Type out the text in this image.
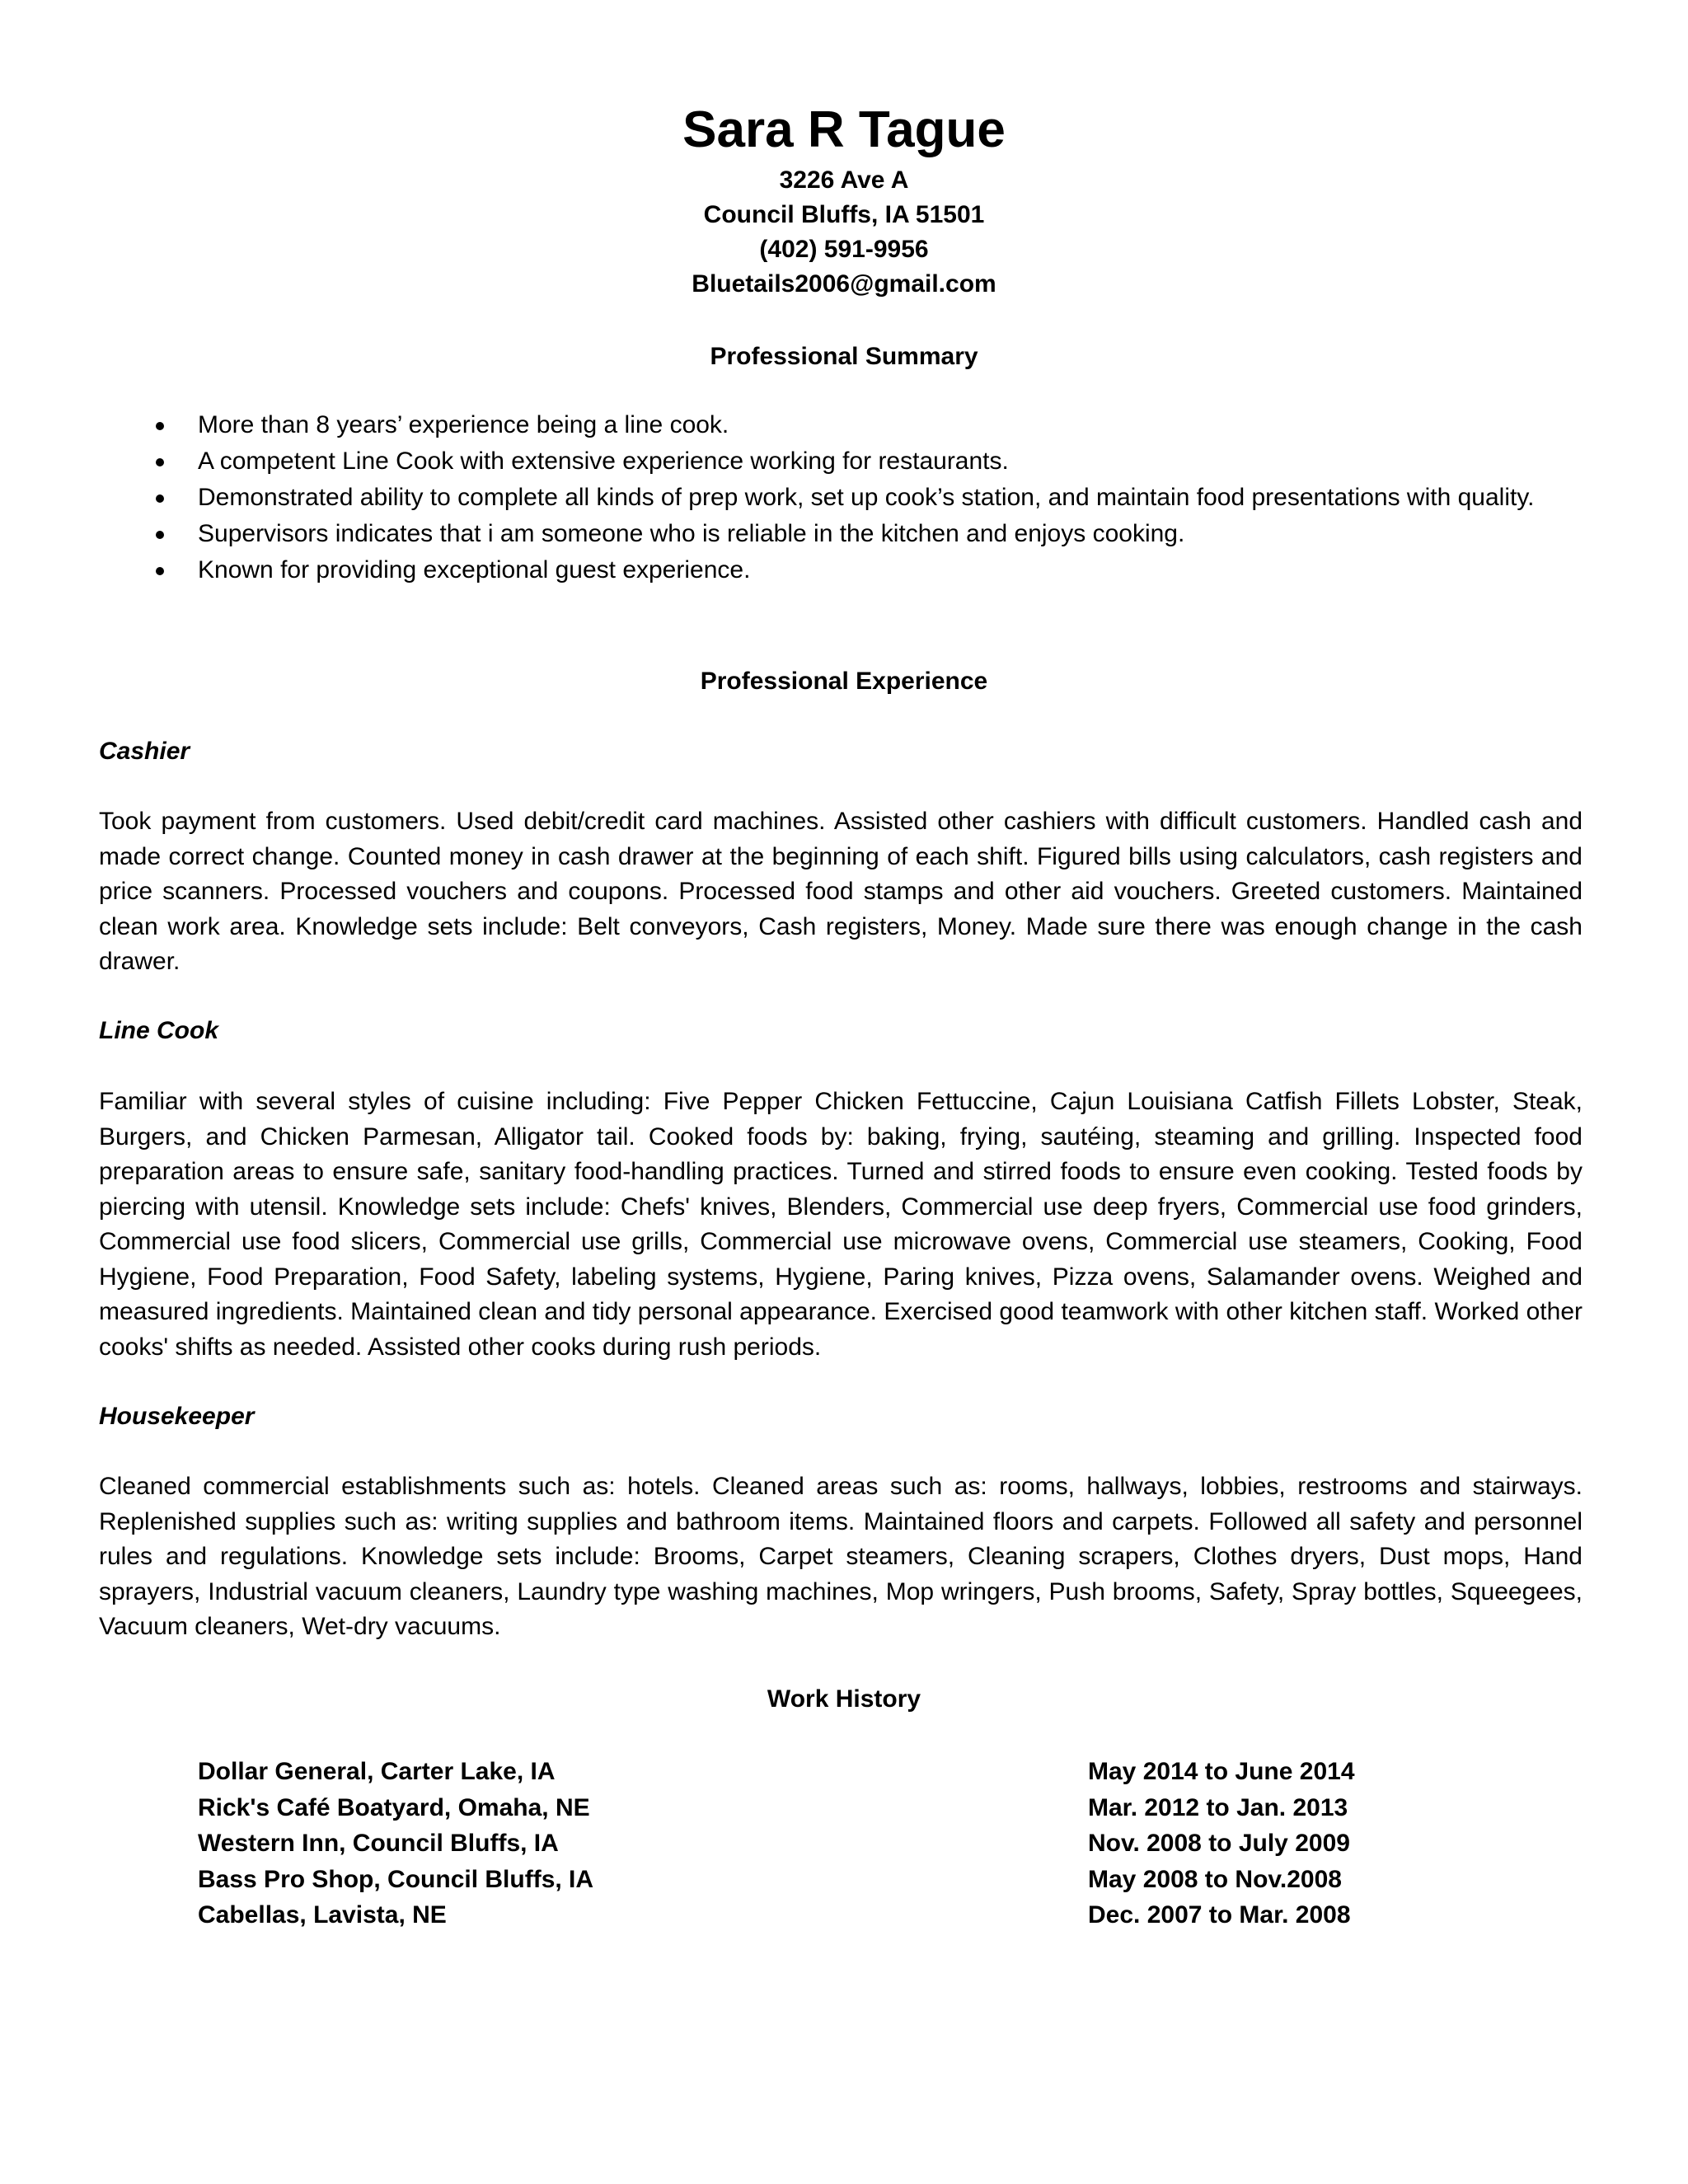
Sara R Tague
3226 Ave A
Council Bluffs, IA 51501
(402) 591-9956
Bluetails2006@gmail.com
Professional Summary
More than 8 years’ experience being a line cook.
A competent Line Cook with extensive experience working for restaurants.
Demonstrated ability to complete all kinds of prep work, set up cook’s station, and maintain food presentations with quality.
Supervisors indicates that i am someone who is reliable in the kitchen and enjoys cooking.
Known for providing exceptional guest experience.
Professional Experience
Cashier
Took payment from customers. Used debit/credit card machines. Assisted other cashiers with difficult customers. Handled cash and made correct change. Counted money in cash drawer at the beginning of each shift. Figured bills using calculators, cash registers and price scanners. Processed vouchers and coupons. Processed food stamps and other aid vouchers. Greeted customers. Maintained clean work area. Knowledge sets include: Belt conveyors, Cash registers, Money. Made sure there was enough change in the cash drawer.
Line Cook
Familiar with several styles of cuisine including: Five Pepper Chicken Fettuccine, Cajun Louisiana Catfish Fillets Lobster, Steak, Burgers, and Chicken Parmesan, Alligator tail. Cooked foods by: baking, frying, sautéing, steaming and grilling. Inspected food preparation areas to ensure safe, sanitary food-handling practices. Turned and stirred foods to ensure even cooking. Tested foods by piercing with utensil. Knowledge sets include: Chefs' knives, Blenders, Commercial use deep fryers, Commercial use food grinders, Commercial use food slicers, Commercial use grills, Commercial use microwave ovens, Commercial use steamers, Cooking, Food Hygiene, Food Preparation, Food Safety, labeling systems, Hygiene, Paring knives, Pizza ovens, Salamander ovens. Weighed and measured ingredients. Maintained clean and tidy personal appearance. Exercised good teamwork with other kitchen staff. Worked other cooks' shifts as needed. Assisted other cooks during rush periods.
Housekeeper
Cleaned commercial establishments such as: hotels. Cleaned areas such as: rooms, hallways, lobbies, restrooms and stairways. Replenished supplies such as: writing supplies and bathroom items. Maintained floors and carpets. Followed all safety and personnel rules and regulations. Knowledge sets include: Brooms, Carpet steamers, Cleaning scrapers, Clothes dryers, Dust mops, Hand sprayers, Industrial vacuum cleaners, Laundry type washing machines, Mop wringers, Push brooms, Safety, Spray bottles, Squeegees, Vacuum cleaners, Wet-dry vacuums.
Work History
Dollar General, Carter Lake, IA	May 2014 to June 2014
Rick's Café Boatyard, Omaha, NE	Mar. 2012 to Jan. 2013
Western Inn, Council Bluffs, IA	Nov. 2008 to July 2009
Bass Pro Shop, Council Bluffs, IA	May 2008 to Nov.2008
Cabellas, Lavista, NE	Dec. 2007 to Mar. 2008
